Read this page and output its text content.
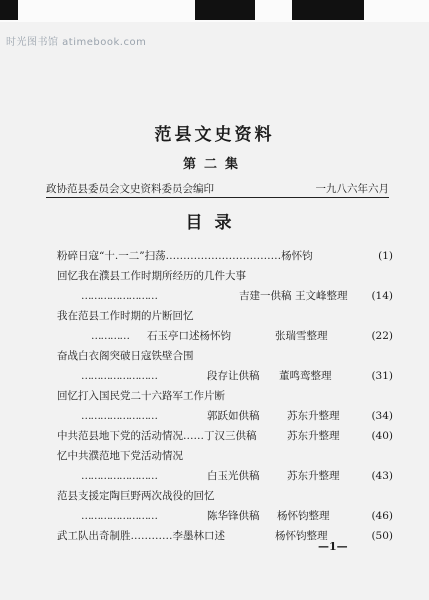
时光图书馆 atimebook.com
范县文史资料
第二集
政协范县委员会文史资料委员会编印	一九八六年六月
目录
粉碎日寇“十.一二”扫荡……………………………杨怀钧	(1)
回忆我在濮县工作时期所经历的几件大事
……………………	吉建一供稿 王文峰整理 (14)
我在范县工作时期的片断回忆
………… 石玉亭口述杨怀钧	张瑞雪整理	(22)
奋战白衣阁突破日寇铁壁合围
……………………	段存让供稿 董鸣鸾整理	(31)
回忆打入国民党二十六路军工作片断
……………………	郭跃如供稿	苏东升整理	(34)
中共范县地下党的活动情况……丁汉三供稿	苏东升整理	(40)
忆中共濮范地下党活动情况
……………………	白玉光供稿	苏东升整理	(43)
范县支援定陶巨野两次战役的回忆
……………………	陈华锋供稿 杨怀钧整理	(46)
武工队出奇制胜…………李墨林口述	杨怀钧整理	(50)
—1—
